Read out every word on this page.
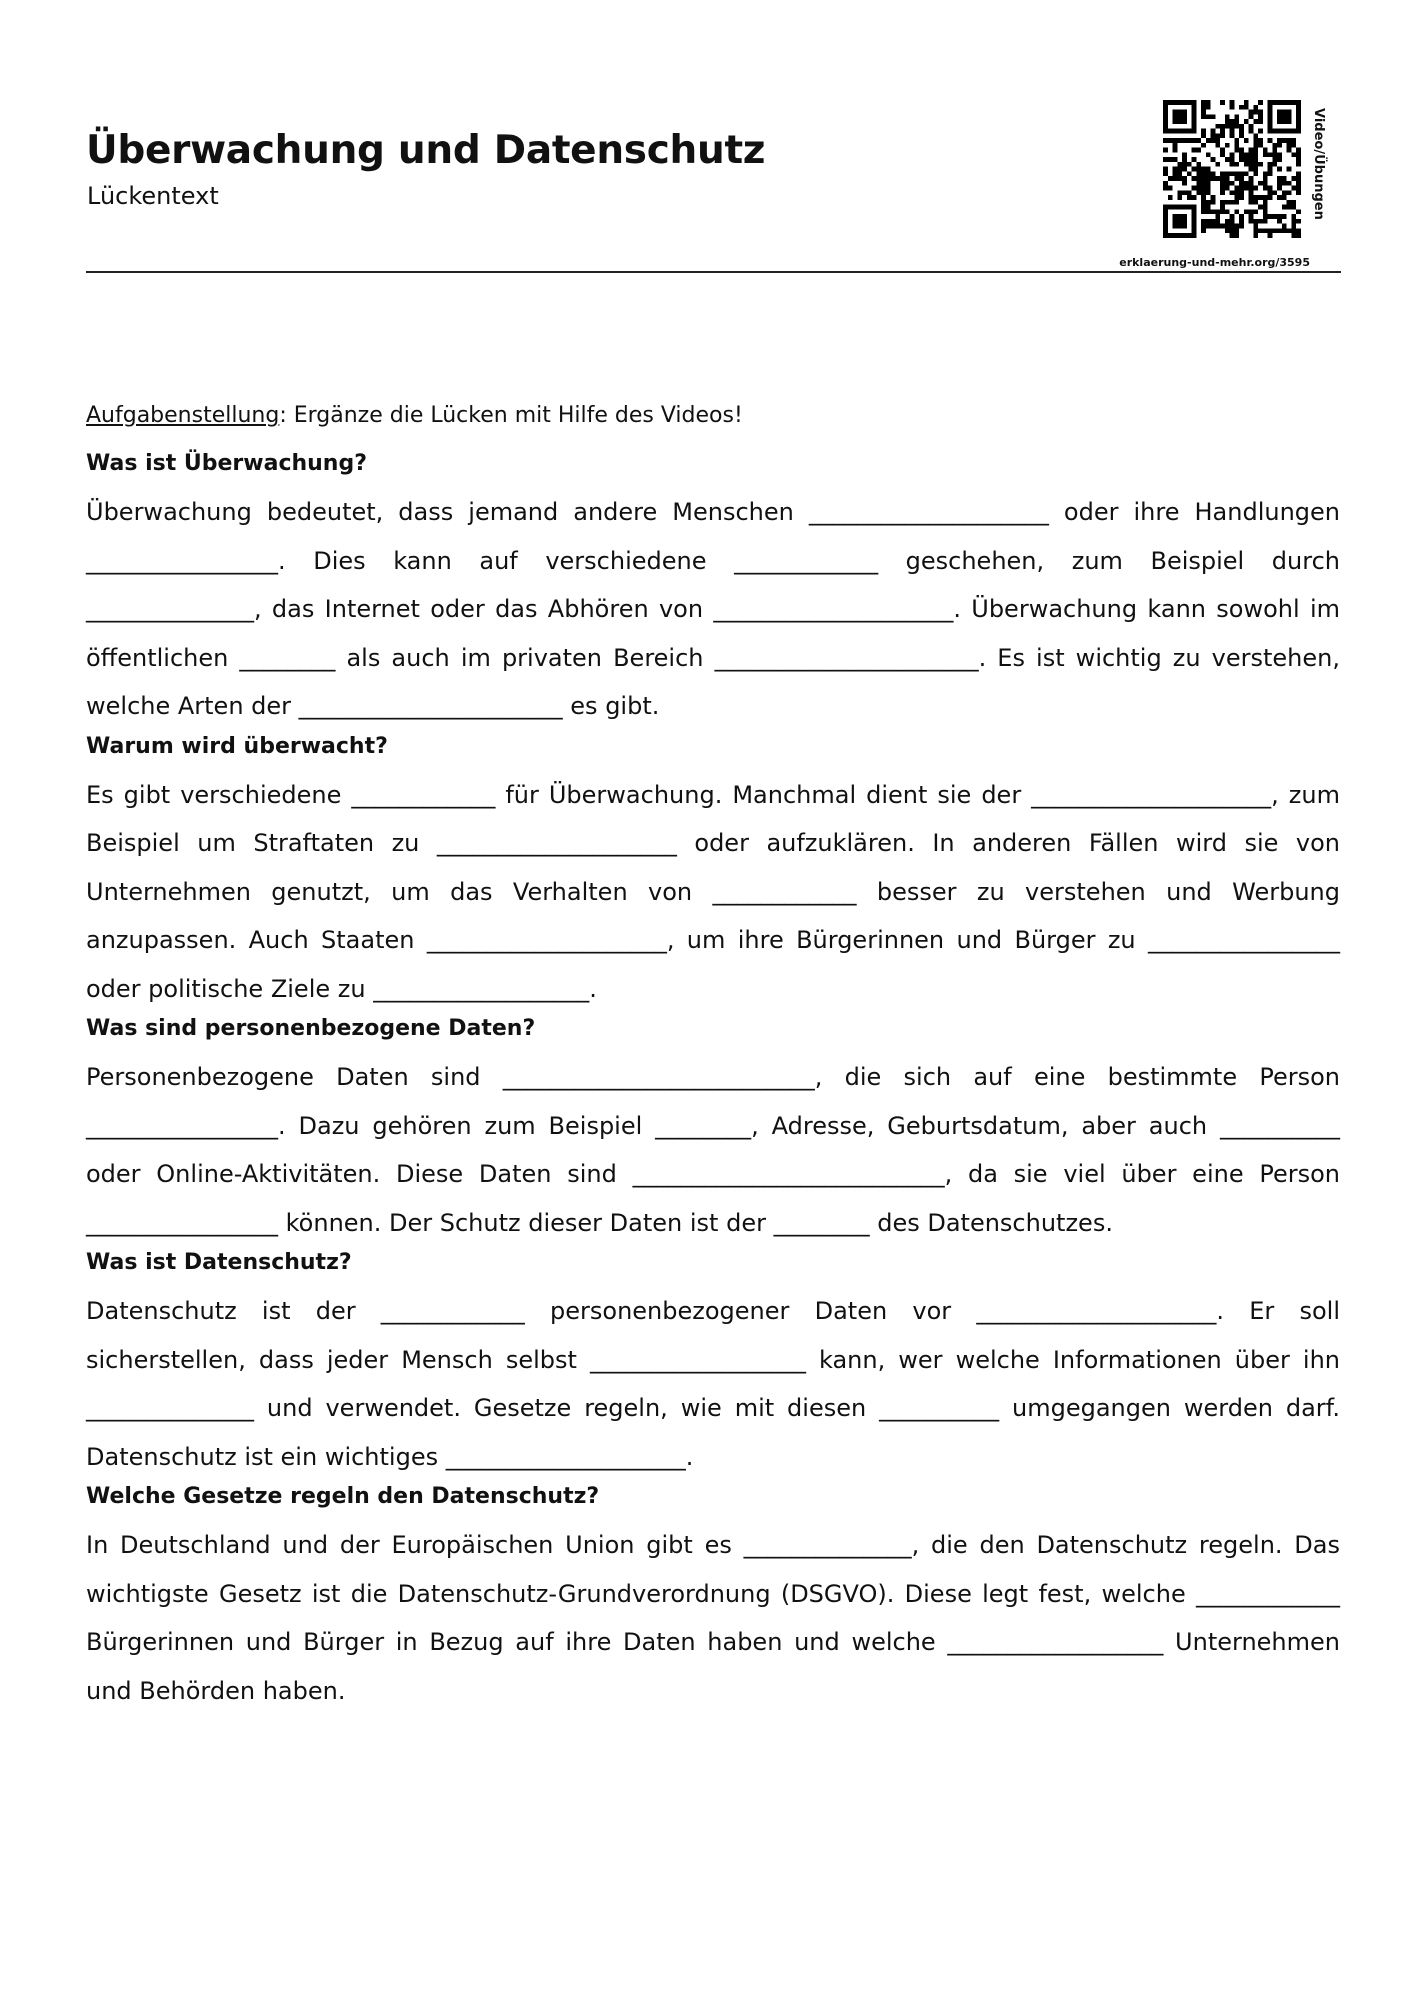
Überwachung und Datenschutz
Lückentext	Video/Übungen
erklaerung-und-mehr.org/3595

Aufgabenstellung: Ergänze die Lücken mit Hilfe des Videos!

Was ist Überwachung?

Überwachung bedeutet, dass jemand andere Menschen ____________________ oder ihre Handlungen ________________. Dies kann auf verschiedene ____________ geschehen, zum Beispiel durch ______________, das Internet oder das Abhören von ____________________. Überwachung kann sowohl im öffentlichen ________ als auch im privaten Bereich ______________________. Es ist wichtig zu verstehen, welche Arten der ______________________ es gibt.

Warum wird überwacht?

Es gibt verschiedene ____________ für Überwachung. Manchmal dient sie der ____________________, zum Beispiel um Straftaten zu ____________________ oder aufzuklären. In anderen Fällen wird sie von Unternehmen genutzt, um das Verhalten von ____________ besser zu verstehen und Werbung anzupassen. Auch Staaten ____________________, um ihre Bürgerinnen und Bürger zu ________________ oder politische Ziele zu __________________.

Was sind personenbezogene Daten?

Personenbezogene Daten sind __________________________, die sich auf eine bestimmte Person ________________. Dazu gehören zum Beispiel ________, Adresse, Geburtsdatum, aber auch __________ oder Online-Aktivitäten. Diese Daten sind __________________________, da sie viel über eine Person ________________ können. Der Schutz dieser Daten ist der ________ des Datenschutzes.

Was ist Datenschutz?

Datenschutz ist der ____________ personenbezogener Daten vor ____________________. Er soll sicherstellen, dass jeder Mensch selbst __________________ kann, wer welche Informationen über ihn ______________ und verwendet. Gesetze regeln, wie mit diesen __________ umgegangen werden darf. Datenschutz ist ein wichtiges ____________________.

Welche Gesetze regeln den Datenschutz?

In Deutschland und der Europäischen Union gibt es ______________, die den Datenschutz regeln. Das wichtigste Gesetz ist die Datenschutz-Grundverordnung (DSGVO). Diese legt fest, welche ____________ Bürgerinnen und Bürger in Bezug auf ihre Daten haben und welche __________________ Unternehmen und Behörden haben.
